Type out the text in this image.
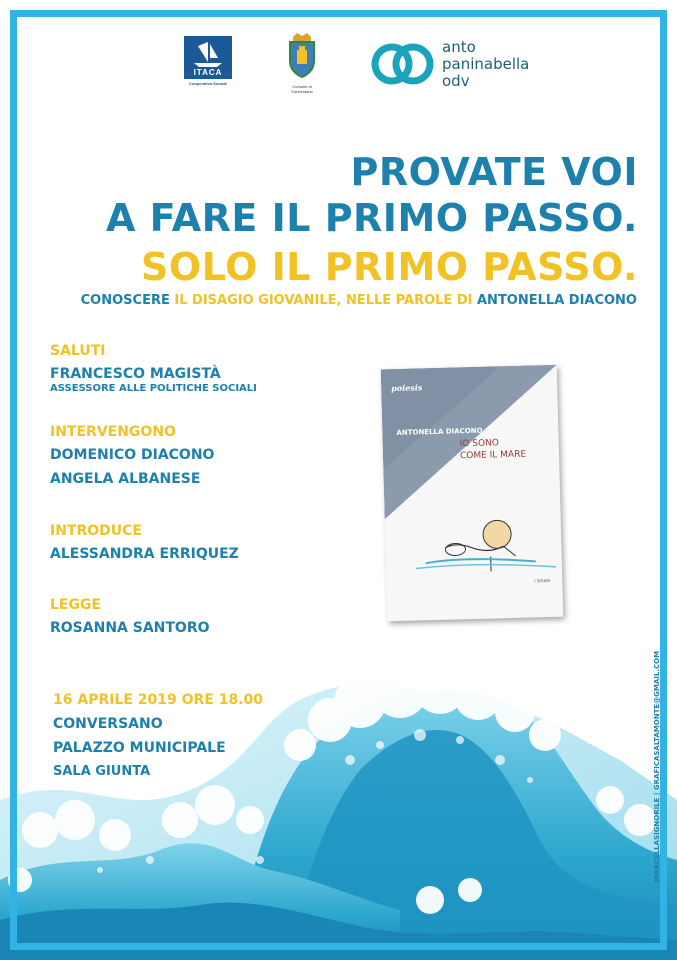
ITACA
Cooperativa Sociale
Comune di
Conversano
anto
paninabella
odv
PROVATE VOI
A FARE IL PRIMO PASSO.
SOLO IL PRIMO PASSO.
CONOSCERE IL DISAGIO GIOVANILE, NELLE PAROLE DI ANTONELLA DIACONO
SALUTI
FRANCESCO MAGISTÀ
ASSESSORE ALLE POLITICHE SOCIALI
INTERVENGONO
DOMENICO DIACONO
ANGELA ALBANESE
INTRODUCE
ALESSANDRA ERRIQUEZ
LEGGE
ROSANNA SANTORO
poiesis
ANTONELLA DIACONO
IO SONO
COME IL MARE
I SIGARI
16 APRILE 2019 ORE 18.00
CONVERSANO
PALAZZO MUNICIPALE
SALA GIUNTA	MARCELLASIGNORILE | GRAFICASALTAMONTE@GMAIL.COM
